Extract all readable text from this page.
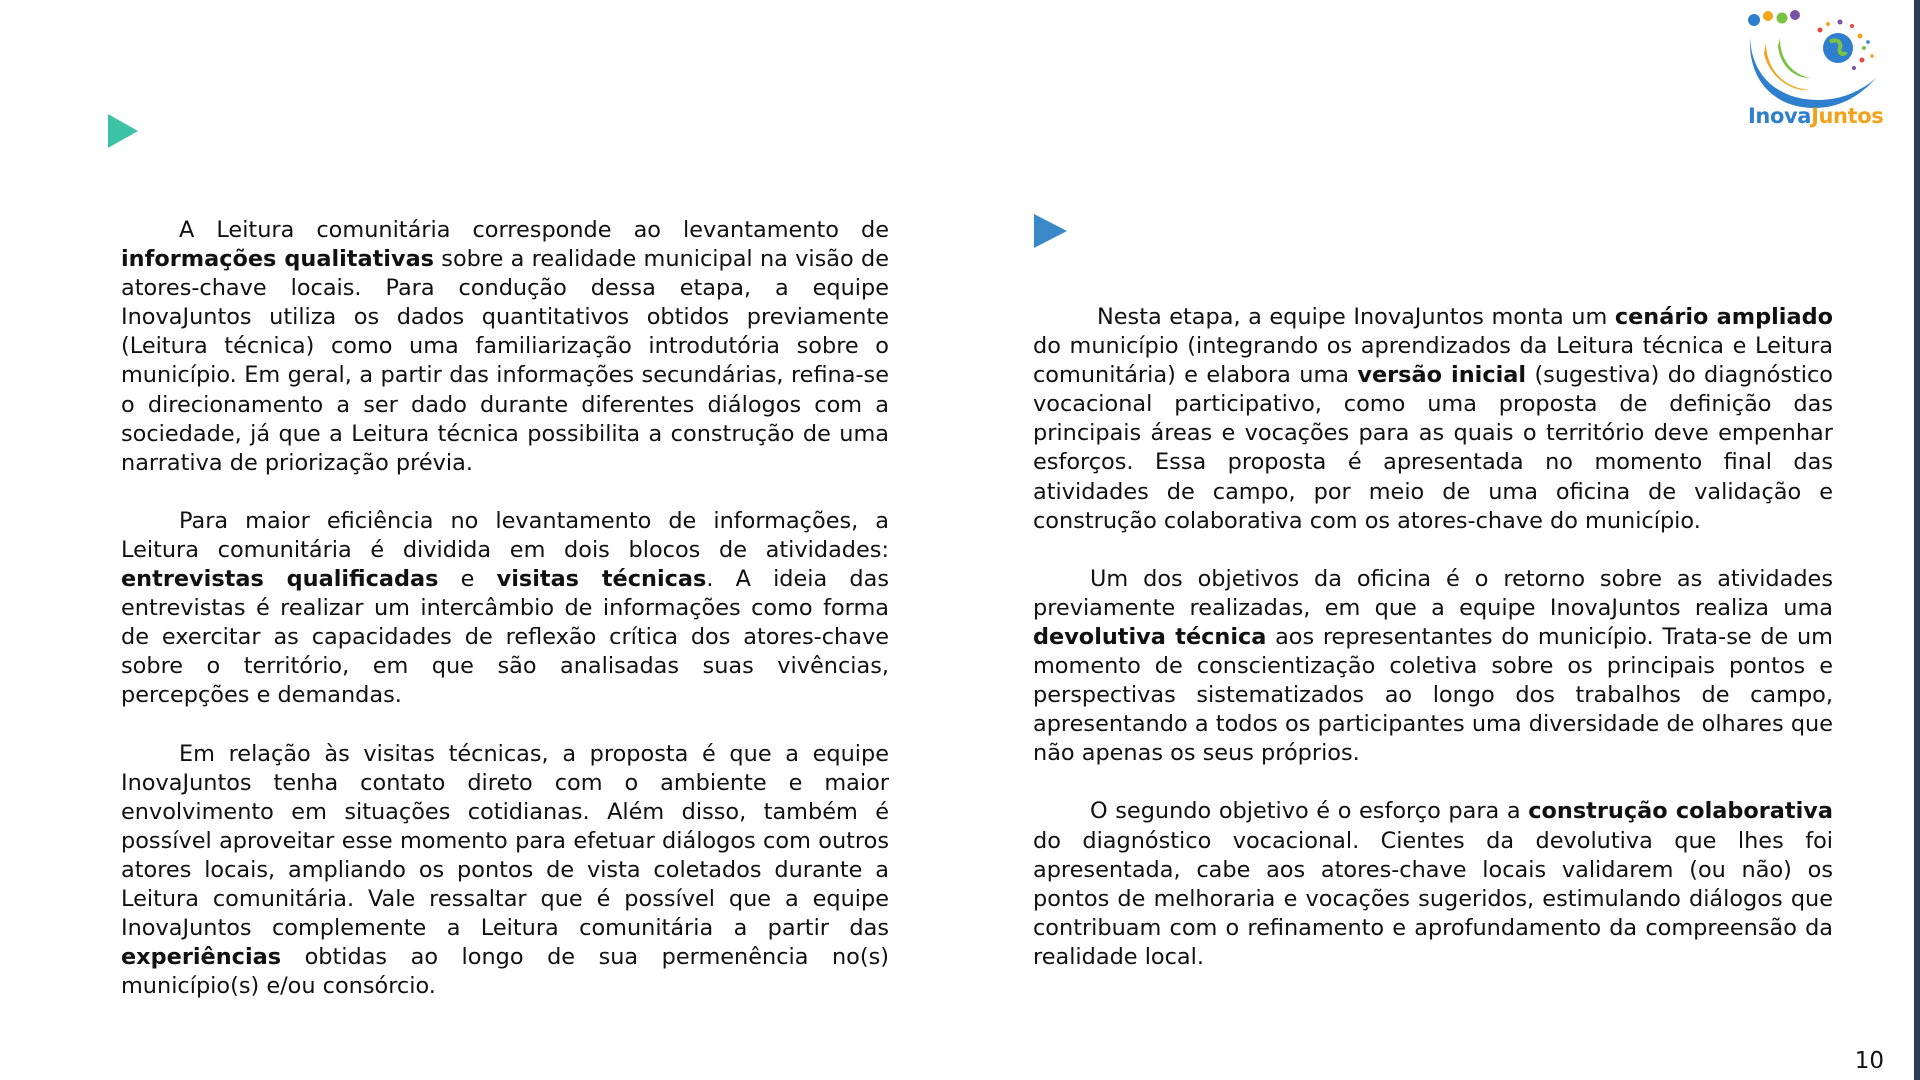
InovaJuntos

A Leitura comunitária corresponde ao levantamento de informações qualitativas sobre a realidade municipal na visão de atores-chave locais. Para condução dessa etapa, a equipe InovaJuntos utiliza os dados quantitativos obtidos previamente (Leitura técnica) como uma familiarização introdutória sobre o município. Em geral, a partir das informações secundárias, refina-se o direcionamento a ser dado durante diferentes diálogos com a sociedade, já que a Leitura técnica possibilita a construção de uma narrativa de priorização prévia.

Para maior eficiência no levantamento de informações, a Leitura comunitária é dividida em dois blocos de atividades: entrevistas qualificadas e visitas técnicas. A ideia das entrevistas é realizar um intercâmbio de informações como forma de exercitar as capacidades de reflexão crítica dos atores-chave sobre o território, em que são analisadas suas vivências, percepções e demandas.

Em relação às visitas técnicas, a proposta é que a equipe InovaJuntos tenha contato direto com o ambiente e maior envolvimento em situações cotidianas. Além disso, também é possível aproveitar esse momento para efetuar diálogos com outros atores locais, ampliando os pontos de vista coletados durante a Leitura comunitária. Vale ressaltar que é possível que a equipe InovaJuntos complemente a Leitura comunitária a partir das experiências obtidas ao longo de sua permenência no(s) município(s) e/ou consórcio.

Nesta etapa, a equipe InovaJuntos monta um cenário ampliado do município (integrando os aprendizados da Leitura técnica e Leitura comunitária) e elabora uma versão inicial (sugestiva) do diagnóstico vocacional participativo, como uma proposta de definição das principais áreas e vocações para as quais o território deve empenhar esforços. Essa proposta é apresentada no momento final das atividades de campo, por meio de uma oficina de validação e construção colaborativa com os atores-chave do município.

Um dos objetivos da oficina é o retorno sobre as atividades previamente realizadas, em que a equipe InovaJuntos realiza uma devolutiva técnica aos representantes do município. Trata-se de um momento de conscientização coletiva sobre os principais pontos e perspectivas sistematizados ao longo dos trabalhos de campo, apresentando a todos os participantes uma diversidade de olhares que não apenas os seus próprios.

O segundo objetivo é o esforço para a construção colaborativa do diagnóstico vocacional. Cientes da devolutiva que lhes foi apresentada, cabe aos atores-chave locais validarem (ou não) os pontos de melhoraria e vocações sugeridos, estimulando diálogos que contribuam com o refinamento e aprofundamento da compreensão da realidade local.

10
